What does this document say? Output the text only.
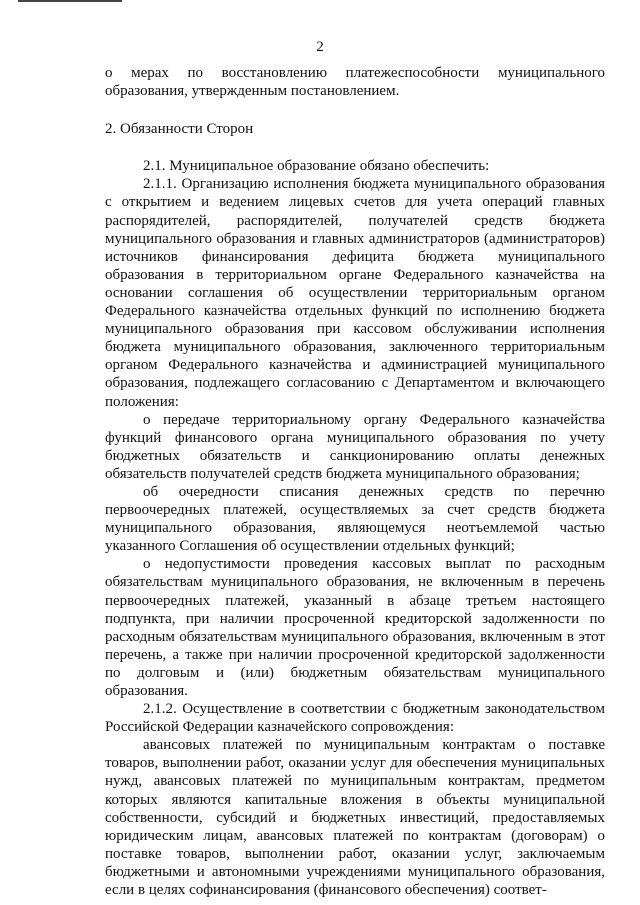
2

о мерах по восстановлению платежеспособности муниципального образования, утвержденным постановлением.

2. Обязанности Сторон

2.1. Муниципальное образование обязано обеспечить:

2.1.1. Организацию исполнения бюджета муниципального образования с открытием и ведением лицевых счетов для учета операций главных распорядителей, распорядителей, получателей средств бюджета муниципального образования и главных администраторов (администраторов) источников финансирования дефицита бюджета муниципального образования в территориальном органе Федерального казначейства на основании соглашения об осуществлении территориальным органом Федерального казначейства отдельных функций по исполнению бюджета муниципального образования при кассовом обслуживании исполнения бюджета муниципального образования, заключенного территориальным органом Федерального казначейства и администрацией муниципального образования, подлежащего согласованию с Департаментом и включающего положения:

о передаче территориальному органу Федерального казначейства функций финансового органа муниципального образования по учету бюджетных обязательств и санкционированию оплаты денежных обязательств получателей средств бюджета муниципального образования;

об очередности списания денежных средств по перечню первоочередных платежей, осуществляемых за счет средств бюджета муниципального образования, являющемуся неотъемлемой частью указанного Соглашения об осуществлении отдельных функций;

о недопустимости проведения кассовых выплат по расходным обязательствам муниципального образования, не включенным в перечень первоочередных платежей, указанный в абзаце третьем настоящего подпункта, при наличии просроченной кредиторской задолженности по расходным обязательствам муниципального образования, включенным в этот перечень, а также при наличии просроченной кредиторской задолженности по долговым и (или) бюджетным обязательствам муниципального образования.

2.1.2. Осуществление в соответствии с бюджетным законодательством Российской Федерации казначейского сопровождения:

авансовых платежей по муниципальным контрактам о поставке товаров, выполнении работ, оказании услуг для обеспечения муниципальных нужд, авансовых платежей по муниципальным контрактам, предметом которых являются капитальные вложения в объекты муниципальной собственности, субсидий и бюджетных инвестиций, предоставляемых юридическим лицам, авансовых платежей по контрактам (договорам) о поставке товаров, выполнении работ, оказании услуг, заключаемым бюджетными и автономными учреждениями муниципального образования, если в целях софинансирования (финансового обеспечения) соответ-
